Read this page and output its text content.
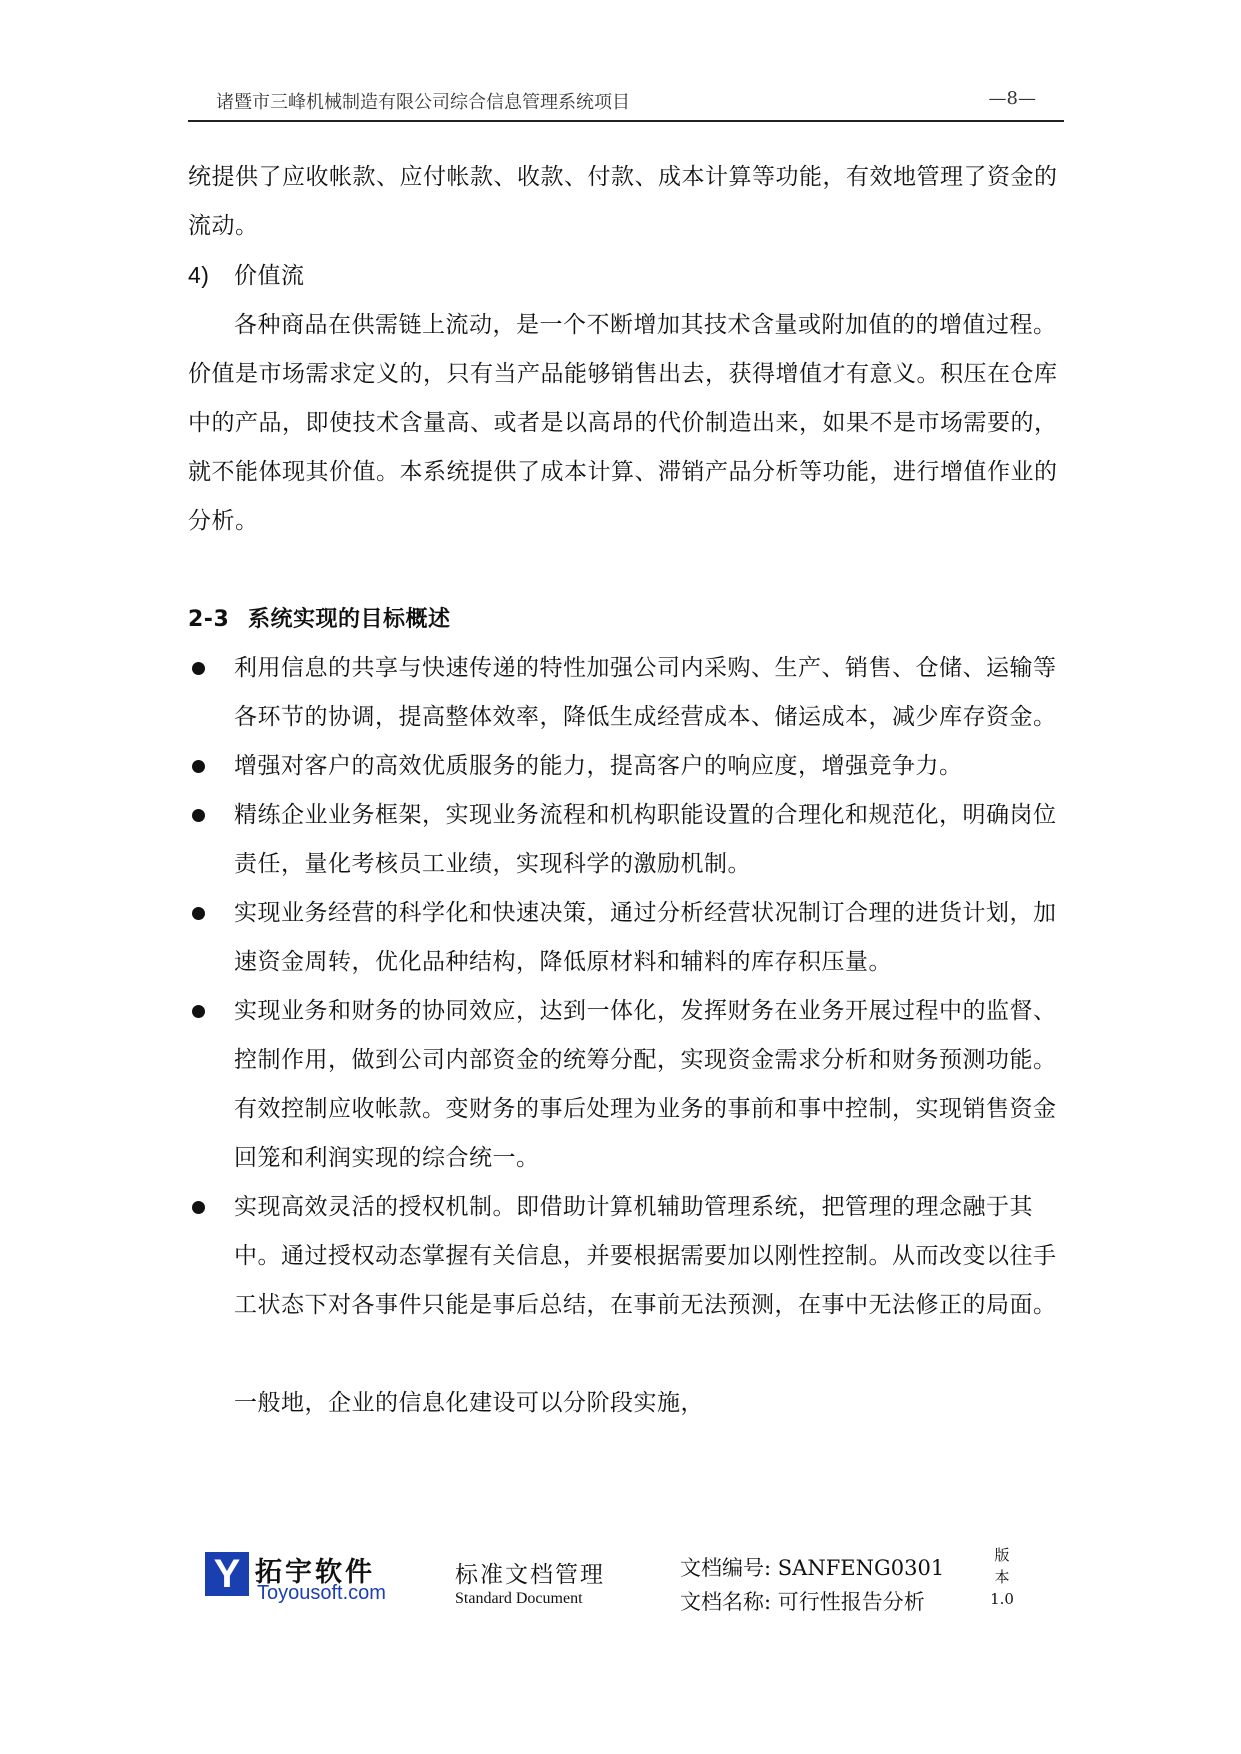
诸暨市三峰机械制造有限公司综合信息管理系统项目	—8—

统提供了应收帐款、应付帐款、收款、付款、成本计算等功能，有效地管理了资金的流动。

4) 价值流

各种商品在供需链上流动，是一个不断增加其技术含量或附加值的的增值过程。价值是市场需求定义的，只有当产品能够销售出去，获得增值才有意义。积压在仓库中的产品，即使技术含量高、或者是以高昂的代价制造出来，如果不是市场需要的，就不能体现其价值。本系统提供了成本计算、滞销产品分析等功能，进行增值作业的分析。

2-3 系统实现的目标概述

利用信息的共享与快速传递的特性加强公司内采购、生产、销售、仓储、运输等各环节的协调，提高整体效率，降低生成经营成本、储运成本，减少库存资金。
增强对客户的高效优质服务的能力，提高客户的响应度，增强竞争力。
精练企业业务框架，实现业务流程和机构职能设置的合理化和规范化，明确岗位责任，量化考核员工业绩，实现科学的激励机制。
实现业务经营的科学化和快速决策，通过分析经营状况制订合理的进货计划，加速资金周转，优化品种结构，降低原材料和辅料的库存积压量。
实现业务和财务的协同效应，达到一体化，发挥财务在业务开展过程中的监督、控制作用，做到公司内部资金的统筹分配，实现资金需求分析和财务预测功能。有效控制应收帐款。变财务的事后处理为业务的事前和事中控制，实现销售资金回笼和利润实现的综合统一。
实现高效灵活的授权机制。即借助计算机辅助管理系统，把管理的理念融于其中。通过授权动态掌握有关信息，并要根据需要加以刚性控制。从而改变以往手工状态下对各事件只能是事后总结，在事前无法预测，在事中无法修正的局面。

一般地，企业的信息化建设可以分阶段实施，

Y 拓宇软件
Toyousoft.com
标准文档管理
Standard Document
文档编号: SANFENG0301
文档名称: 可行性报告分析
版
本
1.0
